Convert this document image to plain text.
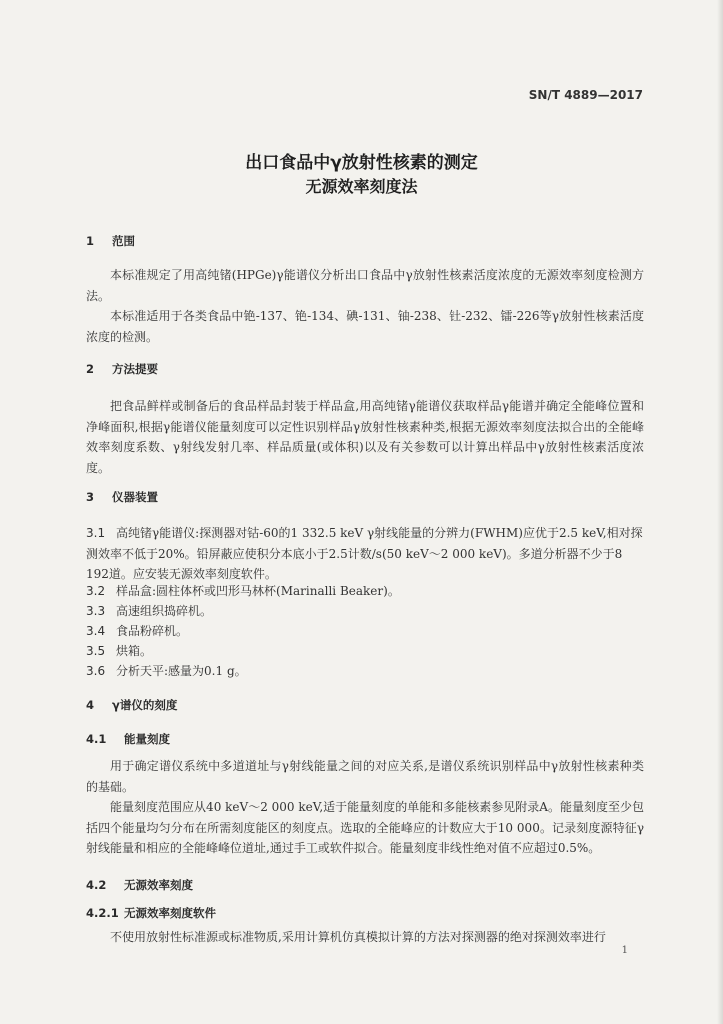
SN/T 4889—2017
出口食品中γ放射性核素的测定
无源效率刻度法
1 范围
本标准规定了用高纯锗(HPGe)γ能谱仪分析出口食品中γ放射性核素活度浓度的无源效率刻度检测方法。
本标准适用于各类食品中铯-137、铯-134、碘-131、铀-238、钍-232、镭-226等γ放射性核素活度浓度的检测。
2 方法提要
把食品鲜样或制备后的食品样品封装于样品盒,用高纯锗γ能谱仪获取样品γ能谱并确定全能峰位置和净峰面积,根据γ能谱仪能量刻度可以定性识别样品γ放射性核素种类,根据无源效率刻度法拟合出的全能峰效率刻度系数、γ射线发射几率、样品质量(或体积)以及有关参数可以计算出样品中γ放射性核素活度浓度。
3 仪器装置
3.1 高纯锗γ能谱仪:探测器对钴-60的1 332.5 keV γ射线能量的分辨力(FWHM)应优于2.5 keV,相对探测效率不低于20%。铅屏蔽应使积分本底小于2.5计数/s(50 keV～2 000 keV)。多道分析器不少于8 192道。应安装无源效率刻度软件。
3.2 样品盒:圆柱体杯或凹形马林杯(Marinalli Beaker)。
3.3 高速组织捣碎机。
3.4 食品粉碎机。
3.5 烘箱。
3.6 分析天平:感量为0.1 g。
4 γ谱仪的刻度
4.1 能量刻度
用于确定谱仪系统中多道道址与γ射线能量之间的对应关系,是谱仪系统识别样品中γ放射性核素种类的基础。
能量刻度范围应从40 keV～2 000 keV,适于能量刻度的单能和多能核素参见附录A。能量刻度至少包括四个能量均匀分布在所需刻度能区的刻度点。选取的全能峰应的计数应大于10 000。记录刻度源特征γ射线能量和相应的全能峰峰位道址,通过手工或软件拟合。能量刻度非线性绝对值不应超过0.5%。
4.2 无源效率刻度
4.2.1 无源效率刻度软件
不使用放射性标准源或标准物质,采用计算机仿真模拟计算的方法对探测器的绝对探测效率进行
1
